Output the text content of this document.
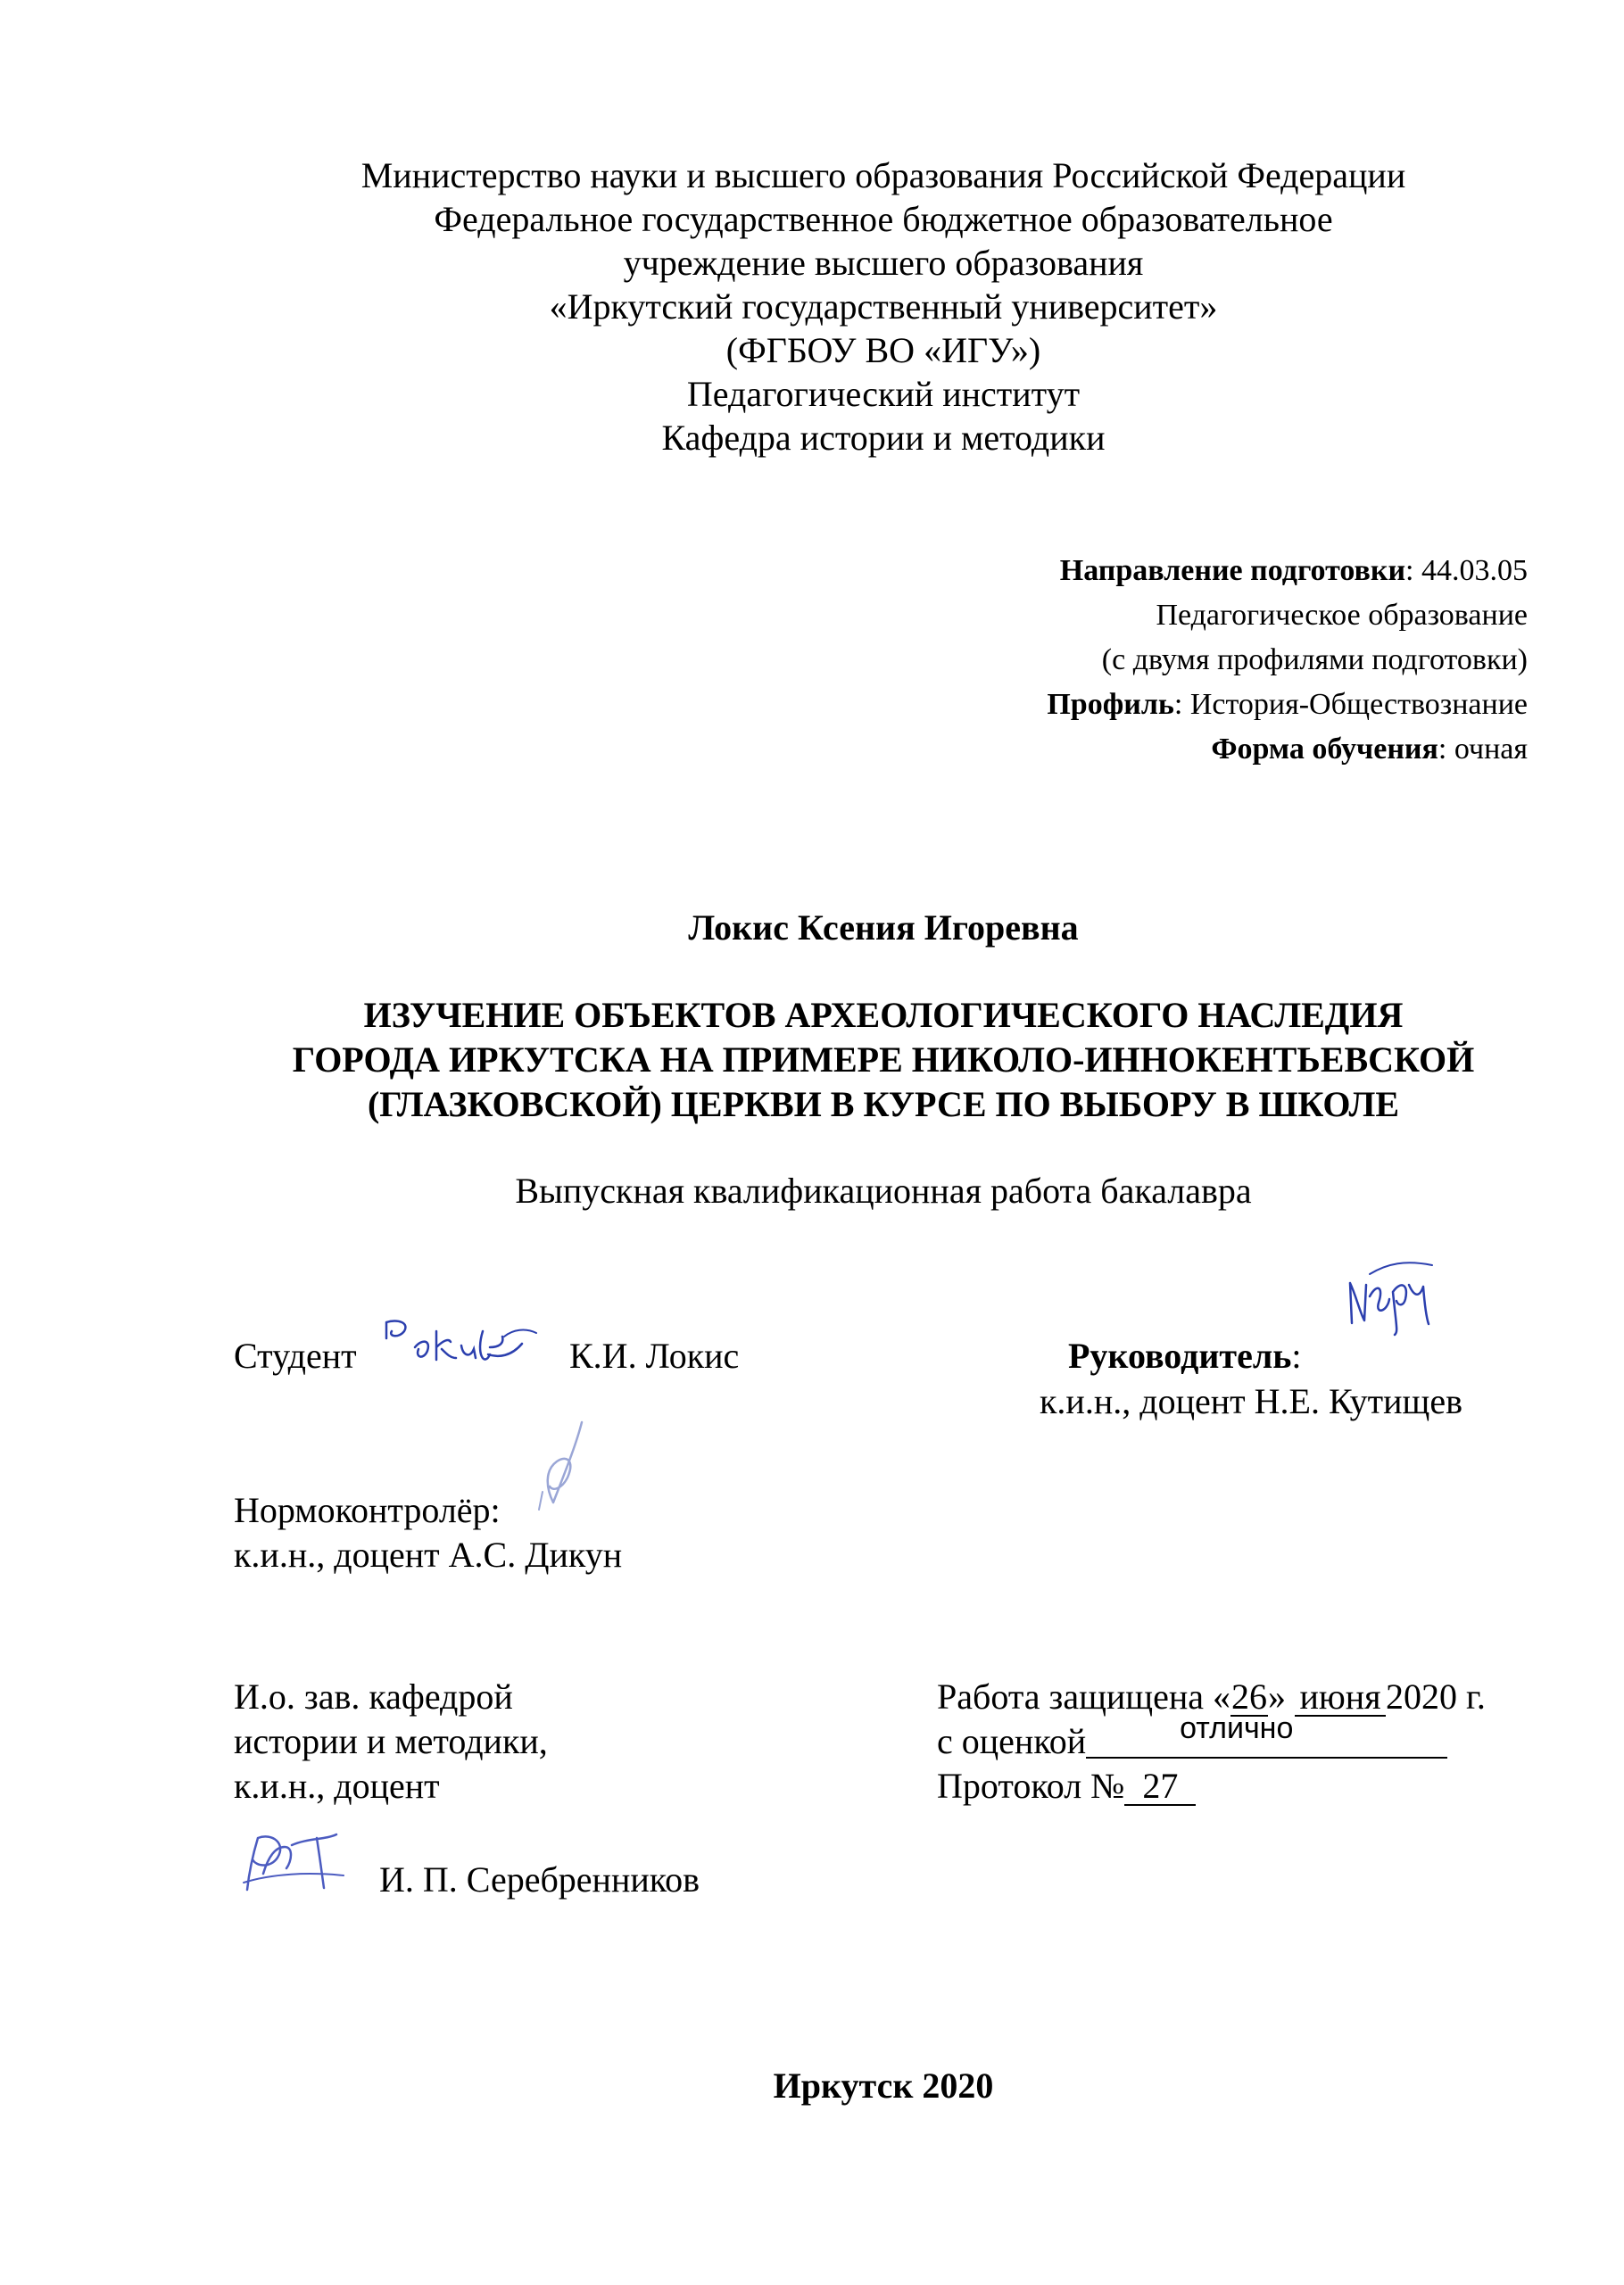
Министерство науки и высшего образования Российской Федерации
Федеральное государственное бюджетное образовательное
учреждение высшего образования
«Иркутский государственный университет»
(ФГБОУ ВО «ИГУ»)
Педагогический институт
Кафедра истории и методики
Направление подготовки: 44.03.05
Педагогическое образование
(с двумя профилями подготовки)
Профиль: История-Обществознание
Форма обучения: очная
Локис Ксения Игоревна
ИЗУЧЕНИЕ ОБЪЕКТОВ АРХЕОЛОГИЧЕСКОГО НАСЛЕДИЯ
ГОРОДА ИРКУТСКА НА ПРИМЕРЕ НИКОЛО-ИННОКЕНТЬЕВСКОЙ
(ГЛАЗКОВСКОЙ) ЦЕРКВИ В КУРСЕ ПО ВЫБОРУ В ШКОЛЕ
Выпускная квалификационная работа бакалавра
Студент	К.И. Локис	Руководитель:
к.и.н., доцент Н.Е. Кутищев
Нормоконтролёр:
к.и.н., доцент А.С. Дикун
И.о. зав. кафедрой
истории и методики,
к.и.н., доцент
И. П. Серебренников
Работа защищена «26» июня 2020 г.
с оценкой	отлично
Протокол № 27
Иркутск 2020
